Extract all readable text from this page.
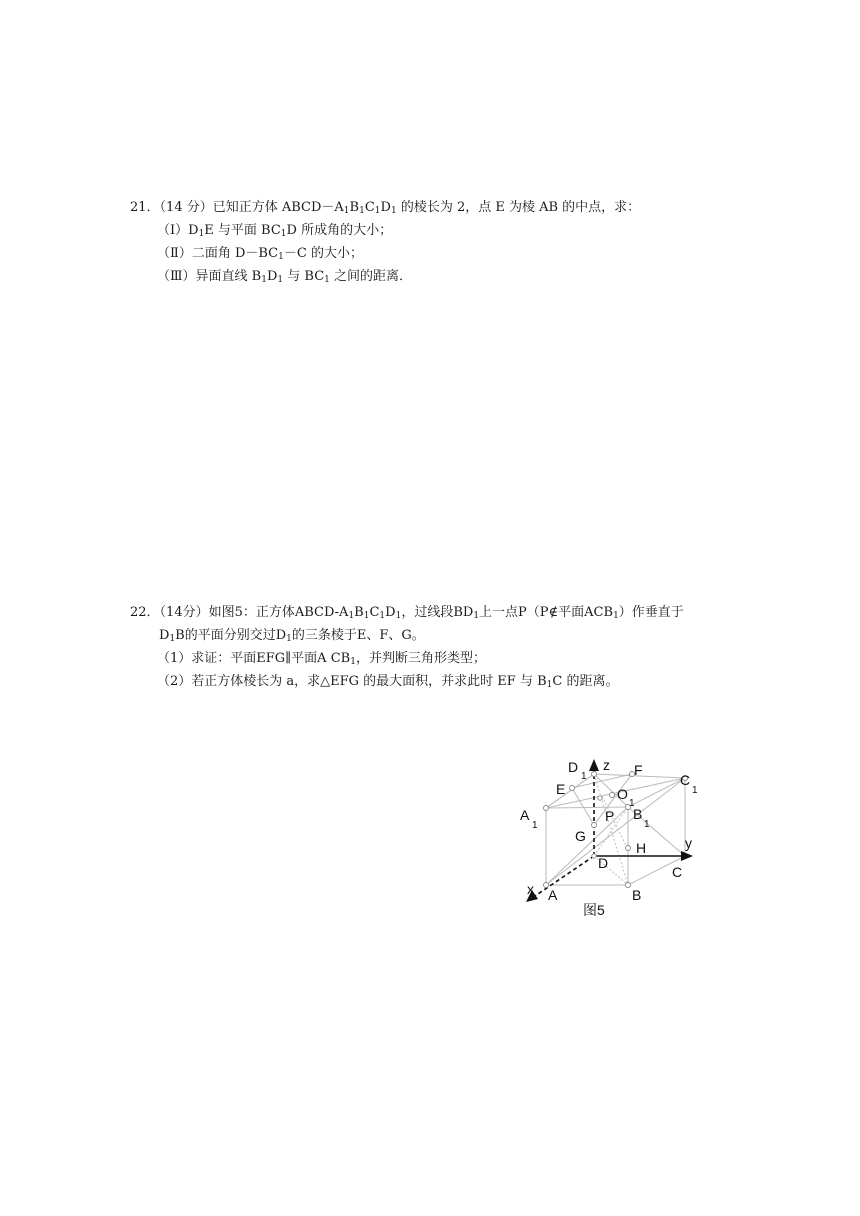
21．（14 分）已知正方体 $ABCD-A_1B_1C_1D_1$ 的棱长为 2，点 E 为棱 AB 的中点，求：
$(Ⅰ)D_1E$ 与平面 $BC_1D$ 所成角的大小；
（Ⅱ）二面角 $D-BC_1-C$ 的大小；
（Ⅲ）异面直线 $B_1D_1$ 与 $BC_1$ 之间的距离．
22．（14分）如图5：正方体ABCD-$A_1B_1C_1D_1$，过线段$BD_1$上一点P（P∉平面$ACB_1$）作垂直于
$D_1B$的平面分别交过$D_1$的三条棱于E、F、G。
（1）求证：平面EFG∥平面A $CB_1$，并判断三角形类型；
（2）若正方体棱长为 a，求△EFG 的最大面积，并求此时 EF 与 $B_1C$ 的距离。
D
1
z F
C
1
E	O
1
A
1
P B
1
G
H	y
D
C
x A	B
图5
